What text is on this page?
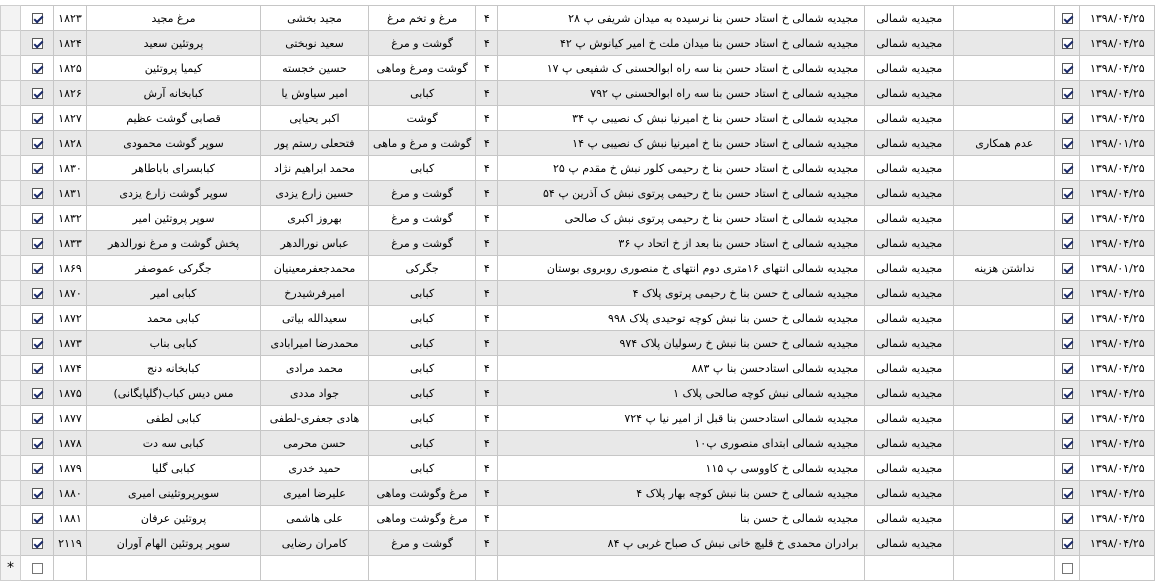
		۱۸۲۳	مرغ مجید	مجید بخشی	مرغ و تخم مرغ	۴	مجیدیه شمالی خ استاد حسن بنا نرسیده به میدان شریفی پ ۲۸	مجیدیه شمالی			۱۳۹۸/۰۴/۲۵
		۱۸۲۴	پروتئین سعید	سعید نوبختی	گوشت و مرغ	۴	مجیدیه شمالی خ استاد حسن بنا میدان ملت خ امیر کیانوش پ ۴۲	مجیدیه شمالی			۱۳۹۸/۰۴/۲۵
		۱۸۲۵	کیمیا پروتئین	حسین خجسته	گوشت ومرغ وماهی	۴	مجیدیه شمالی خ استاد حسن بنا سه راه ابوالحسنی ک شفیعی پ ۱۷	مجیدیه شمالی			۱۳۹۸/۰۴/۲۵
		۱۸۲۶	کبابخانه آرش	امیر سیاوش یا	کبابی	۴	مجیدیه شمالی خ استاد حسن بنا سه راه ابوالحسنی پ ۷۹۲	مجیدیه شمالی			۱۳۹۸/۰۴/۲۵
		۱۸۲۷	قصابی گوشت عظیم	اکبر یحیایی	گوشت	۴	مجیدیه شمالی خ استاد حسن بنا خ امیرنیا نبش ک نصیبی پ ۳۴	مجیدیه شمالی			۱۳۹۸/۰۴/۲۵
		۱۸۲۸	سوپر گوشت محمودی	فتحعلی رستم پور	گوشت و مرغ و ماهی	۴	مجیدیه شمالی خ استاد حسن بنا خ امیرنیا نبش ک نصیبی پ ۱۴	مجیدیه شمالی	عدم همکاری		۱۳۹۸/۰۱/۲۵
		۱۸۳۰	کبابسرای باباطاهر	محمد ابراهیم نژاد	کبابی	۴	مجیدیه شمالی خ استاد حسن بنا خ رحیمی کلور نبش خ مقدم پ ۲۵	مجیدیه شمالی			۱۳۹۸/۰۴/۲۵
		۱۸۳۱	سوپر گوشت زارع یزدی	حسین زارع یزدی	گوشت و مرغ	۴	مجیدیه شمالی خ استاد حسن بنا خ رحیمی پرتوی نبش ک آذرین پ ۵۴	مجیدیه شمالی			۱۳۹۸/۰۴/۲۵
		۱۸۳۲	سوپر پروتئین امیر	بهروز اکبری	گوشت و مرغ	۴	مجیدیه شمالی خ استاد حسن بنا خ رحیمی پرتوی نبش ک صالحی	مجیدیه شمالی			۱۳۹۸/۰۴/۲۵
		۱۸۳۳	پخش گوشت و مرغ نورالدهر	عباس نورالدهر	گوشت و مرغ	۴	مجیدیه شمالی خ استاد حسن بنا بعد از خ اتحاد پ ۳۶	مجیدیه شمالی			۱۳۹۸/۰۴/۲۵
		۱۸۶۹	جگرکی عموصفر	محمدجعفرمعینیان	جگرکی	۴	مجیدیه شمالی انتهای ۱۶متری دوم انتهای خ منصوری روبروی بوستان	مجیدیه شمالی	نداشتن هزینه		۱۳۹۸/۰۱/۲۵
		۱۸۷۰	کبابی امیر	امیرفرشیدرخ	کبابی	۴	مجیدیه شمالی خ حسن بنا خ رحیمی پرتوی پلاک ۴	مجیدیه شمالی			۱۳۹۸/۰۴/۲۵
		۱۸۷۲	کبابی محمد	سعیدالله بیاتی	کبابی	۴	مجیدیه شمالی خ حسن بنا نبش کوچه توحیدی پلاک ۹۹۸	مجیدیه شمالی			۱۳۹۸/۰۴/۲۵
		۱۸۷۳	کبابی بناب	محمدرضا امیرابادی	کبابی	۴	مجیدیه شمالی خ حسن بنا نبش خ رسولیان پلاک ۹۷۴	مجیدیه شمالی			۱۳۹۸/۰۴/۲۵
		۱۸۷۴	کبابخانه دنج	محمد مرادی	کبابی	۴	مجیدیه شمالی استادحسن بنا پ ۸۸۳	مجیدیه شمالی			۱۳۹۸/۰۴/۲۵
		۱۸۷۵	مس دیس کباب(گلپایگانی)	جواد مددی	کبابی	۴	مجیدیه شمالی نبش کوچه صالحی پلاک ۱	مجیدیه شمالی			۱۳۹۸/۰۴/۲۵
		۱۸۷۷	کبابی لطفی	هادی جعفری-لطفی	کبابی	۴	مجیدیه شمالی استادحسن بنا قبل از امیر نیا پ ۷۲۴	مجیدیه شمالی			۱۳۹۸/۰۴/۲۵
		۱۸۷۸	کبابی سه دت	حسن محرمی	کبابی	۴	مجیدیه شمالی ابتدای منصوری پ۱۰	مجیدیه شمالی			۱۳۹۸/۰۴/۲۵
		۱۸۷۹	کبابی گلیا	حمید خدری	کبابی	۴	مجیدیه شمالی خ کاووسی پ ۱۱۵	مجیدیه شمالی			۱۳۹۸/۰۴/۲۵
		۱۸۸۰	سوپرپروتئینی امیری	علیرضا امیری	مرغ وگوشت وماهی	۴	مجیدیه شمالی خ حسن بنا نبش کوچه بهار پلاک ۴	مجیدیه شمالی			۱۳۹۸/۰۴/۲۵
		۱۸۸۱	پروتئین عرفان	علی هاشمی	مرغ وگوشت وماهی	۴	مجیدیه شمالی خ حسن بنا	مجیدیه شمالی			۱۳۹۸/۰۴/۲۵
		۲۱۱۹	سوپر پروتئین الهام آوران	کامران رضایی	گوشت و مرغ	۴	برادران محمدی خ قلیچ خانی نبش ک صباح غربی پ ۸۴	مجیدیه شمالی			۱۳۹۸/۰۴/۲۵
*											
